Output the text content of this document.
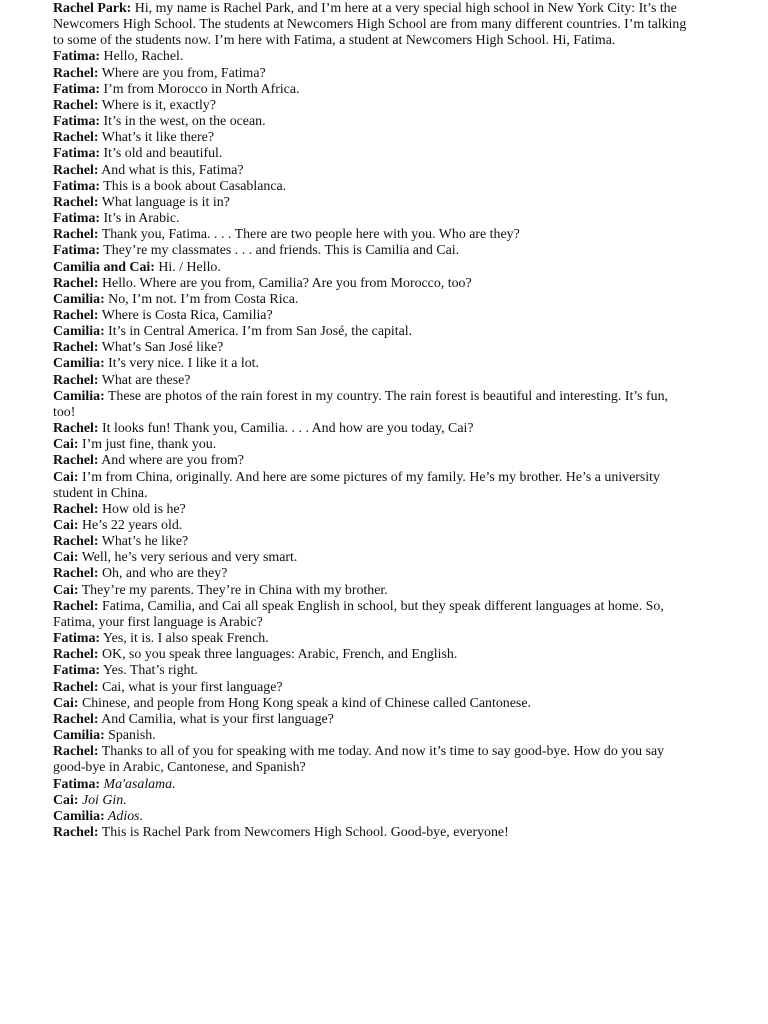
Rachel Park: Hi, my name is Rachel Park, and I’m here at a very special high school in New York City: It’s the Newcomers High School. The students at Newcomers High School are from many different countries. I’m talking to some of the students now. I’m here with Fatima, a student at Newcomers High School. Hi, Fatima.

Fatima: Hello, Rachel.

Rachel: Where are you from, Fatima?

Fatima: I’m from Morocco in North Africa.

Rachel: Where is it, exactly?

Fatima: It’s in the west, on the ocean.

Rachel: What’s it like there?

Fatima: It’s old and beautiful.

Rachel: And what is this, Fatima?

Fatima: This is a book about Casablanca.

Rachel: What language is it in?

Fatima: It’s in Arabic.

Rachel: Thank you, Fatima. . . . There are two people here with you. Who are they?

Fatima: They’re my classmates . . . and friends. This is Camilia and Cai.

Camilia and Cai: Hi. / Hello.

Rachel: Hello. Where are you from, Camilia? Are you from Morocco, too?

Camilia: No, I’m not. I’m from Costa Rica.

Rachel: Where is Costa Rica, Camilia?

Camilia: It’s in Central America. I’m from San José, the capital.

Rachel: What’s San José like?

Camilia: It’s very nice. I like it a lot.

Rachel: What are these?

Camilia: These are photos of the rain forest in my country. The rain forest is beautiful and interesting. It’s fun, too!

Rachel: It looks fun! Thank you, Camilia. . . . And how are you today, Cai?

Cai: I’m just fine, thank you.

Rachel: And where are you from?

Cai: I’m from China, originally. And here are some pictures of my family. He’s my brother. He’s a university student in China.

Rachel: How old is he?

Cai: He’s 22 years old.

Rachel: What’s he like?

Cai: Well, he’s very serious and very smart.

Rachel: Oh, and who are they?

Cai: They’re my parents. They’re in China with my brother.

Rachel: Fatima, Camilia, and Cai all speak English in school, but they speak different languages at home. So, Fatima, your first language is Arabic?

Fatima: Yes, it is. I also speak French.

Rachel: OK, so you speak three languages: Arabic, French, and English.

Fatima: Yes. That’s right.

Rachel: Cai, what is your first language?

Cai: Chinese, and people from Hong Kong speak a kind of Chinese called Cantonese.

Rachel: And Camilia, what is your first language?

Camilia: Spanish.

Rachel: Thanks to all of you for speaking with me today. And now it’s time to say good-bye. How do you say good-bye in Arabic, Cantonese, and Spanish?

Fatima: Ma'asalama.

Cai: Joi Gin.

Camilia: Adios.

Rachel: This is Rachel Park from Newcomers High School. Good-bye, everyone!
